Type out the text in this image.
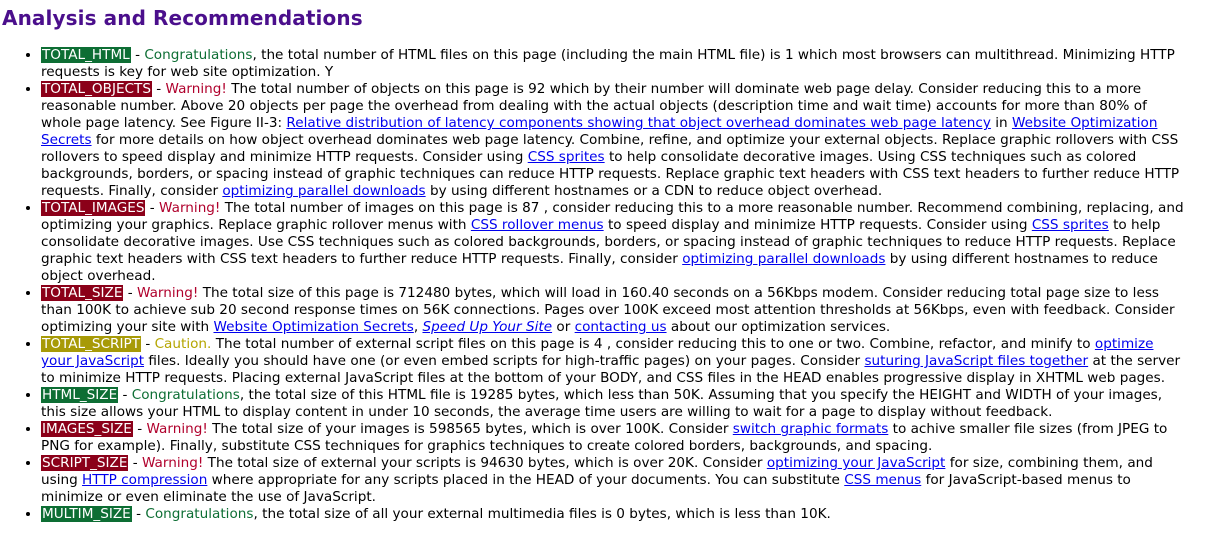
Analysis and Recommendations
• TOTAL_HTML - Congratulations, the total number of HTML files on this page (including the main HTML file) is 1 which most browsers can multithread. Minimizing HTTP requests is key for web site optimization. Y
• TOTAL_OBJECTS - Warning! The total number of objects on this page is 92 which by their number will dominate web page delay. Consider reducing this to a more reasonable number. Above 20 objects per page the overhead from dealing with the actual objects (description time and wait time) accounts for more than 80% of whole page latency. See Figure II-3: Relative distribution of latency components showing that object overhead dominates web page latency in Website Optimization Secrets for more details on how object overhead dominates web page latency. Combine, refine, and optimize your external objects. Replace graphic rollovers with CSS rollovers to speed display and minimize HTTP requests. Consider using CSS sprites to help consolidate decorative images. Using CSS techniques such as colored backgrounds, borders, or spacing instead of graphic techniques can reduce HTTP requests. Replace graphic text headers with CSS text headers to further reduce HTTP requests. Finally, consider optimizing parallel downloads by using different hostnames or a CDN to reduce object overhead.
• TOTAL_IMAGES - Warning! The total number of images on this page is 87 , consider reducing this to a more reasonable number. Recommend combining, replacing, and optimizing your graphics. Replace graphic rollover menus with CSS rollover menus to speed display and minimize HTTP requests. Consider using CSS sprites to help consolidate decorative images. Use CSS techniques such as colored backgrounds, borders, or spacing instead of graphic techniques to reduce HTTP requests. Replace graphic text headers with CSS text headers to further reduce HTTP requests. Finally, consider optimizing parallel downloads by using different hostnames to reduce object overhead.
• TOTAL_SIZE - Warning! The total size of this page is 712480 bytes, which will load in 160.40 seconds on a 56Kbps modem. Consider reducing total page size to less than 100K to achieve sub 20 second response times on 56K connections. Pages over 100K exceed most attention thresholds at 56Kbps, even with feedback. Consider optimizing your site with Website Optimization Secrets, Speed Up Your Site or contacting us about our optimization services.
• TOTAL_SCRIPT - Caution. The total number of external script files on this page is 4 , consider reducing this to one or two. Combine, refactor, and minify to optimize your JavaScript files. Ideally you should have one (or even embed scripts for high-traffic pages) on your pages. Consider suturing JavaScript files together at the server to minimize HTTP requests. Placing external JavaScript files at the bottom of your BODY, and CSS files in the HEAD enables progressive display in XHTML web pages.
• HTML_SIZE - Congratulations, the total size of this HTML file is 19285 bytes, which less than 50K. Assuming that you specify the HEIGHT and WIDTH of your images, this size allows your HTML to display content in under 10 seconds, the average time users are willing to wait for a page to display without feedback.
• IMAGES_SIZE - Warning! The total size of your images is 598565 bytes, which is over 100K. Consider switch graphic formats to achive smaller file sizes (from JPEG to PNG for example). Finally, substitute CSS techniques for graphics techniques to create colored borders, backgrounds, and spacing.
• SCRIPT_SIZE - Warning! The total size of external your scripts is 94630 bytes, which is over 20K. Consider optimizing your JavaScript for size, combining them, and using HTTP compression where appropriate for any scripts placed in the HEAD of your documents. You can substitute CSS menus for JavaScript-based menus to minimize or even eliminate the use of JavaScript.
• MULTIM_SIZE - Congratulations, the total size of all your external multimedia files is 0 bytes, which is less than 10K.
